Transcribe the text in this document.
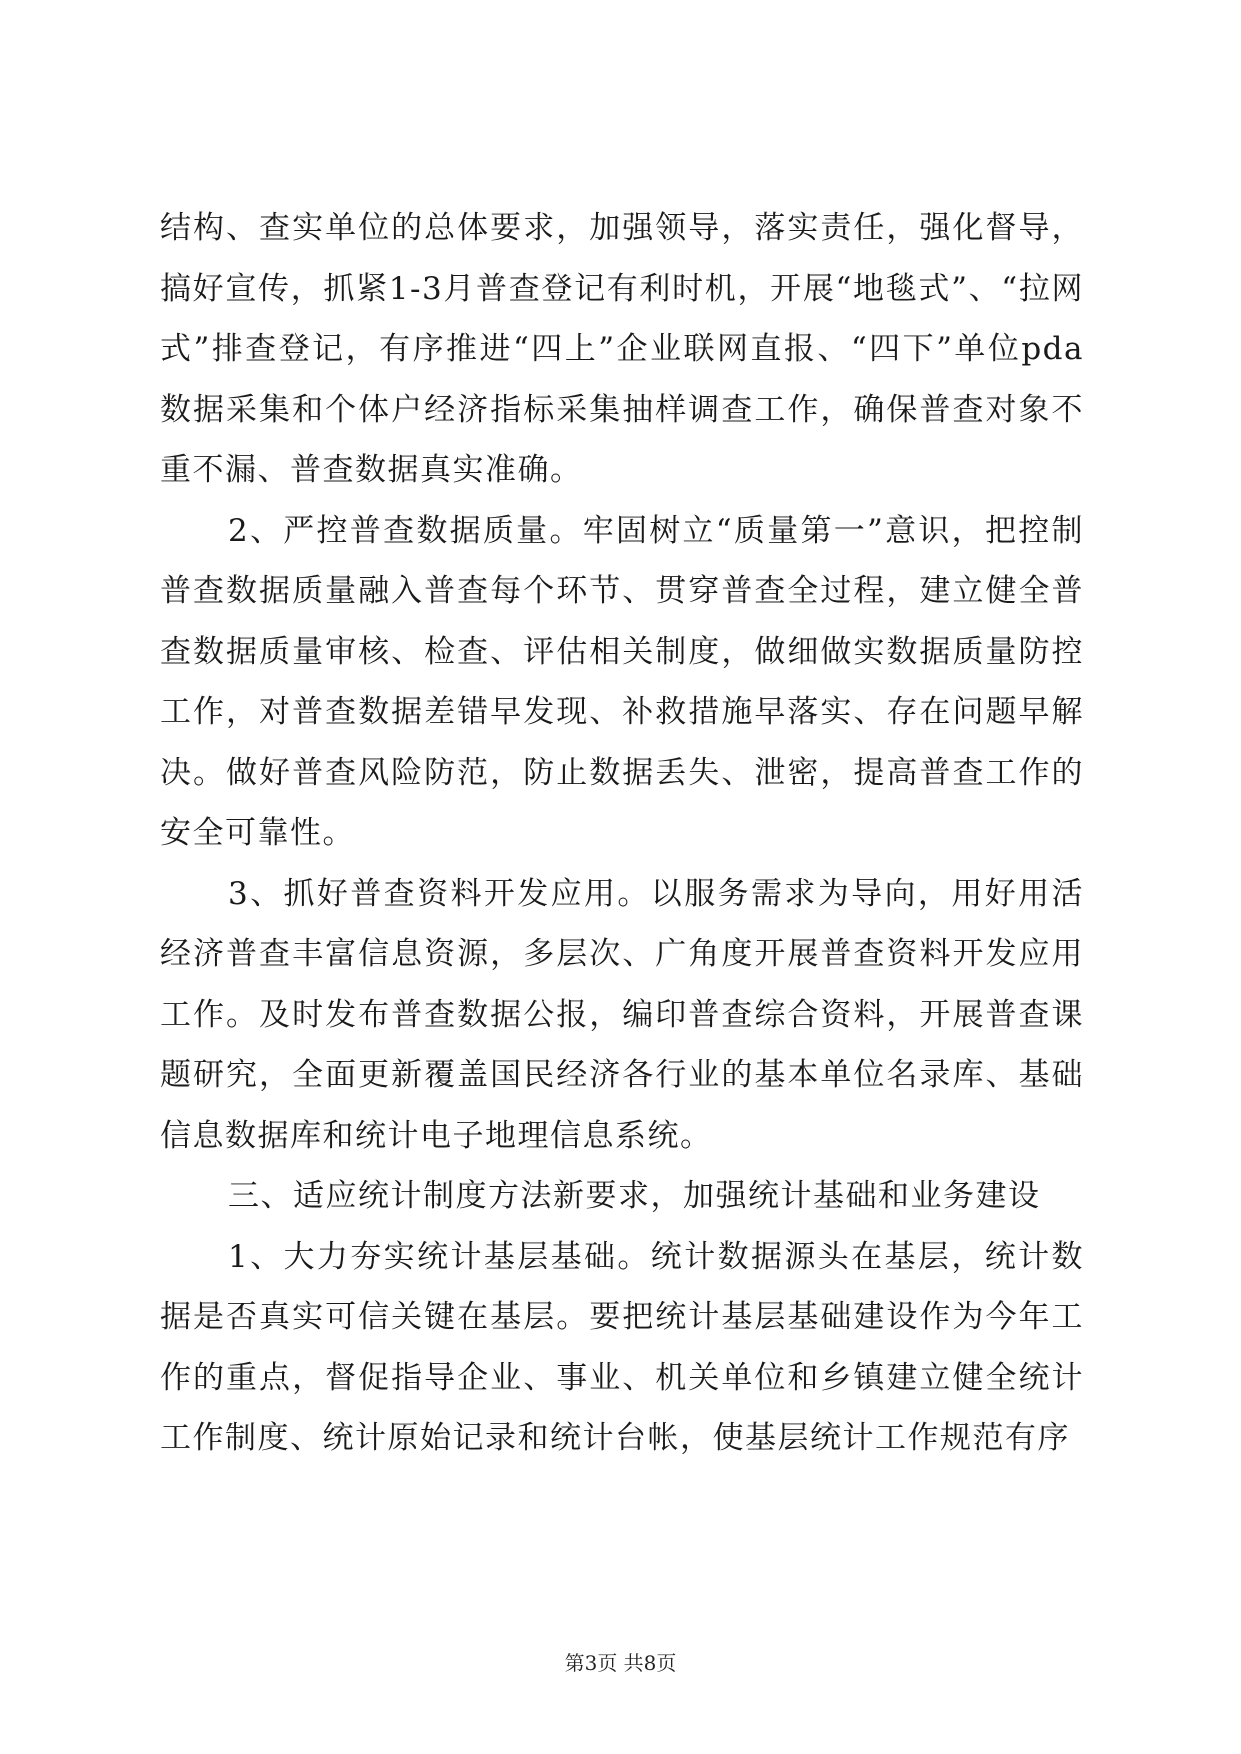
结构、查实单位的总体要求，加强领导，落实责任，强化督导，搞好宣传，抓紧1-3月普查登记有利时机，开展“地毯式”、“拉网式”排查登记，有序推进“四上”企业联网直报、“四下”单位pda数据采集和个体户经济指标采集抽样调查工作，确保普查对象不重不漏、普查数据真实准确。

2、严控普查数据质量。牢固树立“质量第一”意识，把控制普查数据质量融入普查每个环节、贯穿普查全过程，建立健全普查数据质量审核、检查、评估相关制度，做细做实数据质量防控工作，对普查数据差错早发现、补救措施早落实、存在问题早解决。做好普查风险防范，防止数据丢失、泄密，提高普查工作的安全可靠性。

3、抓好普查资料开发应用。以服务需求为导向，用好用活经济普查丰富信息资源，多层次、广角度开展普查资料开发应用工作。及时发布普查数据公报，编印普查综合资料，开展普查课题研究，全面更新覆盖国民经济各行业的基本单位名录库、基础信息数据库和统计电子地理信息系统。

三、适应统计制度方法新要求，加强统计基础和业务建设

1、大力夯实统计基层基础。统计数据源头在基层，统计数据是否真实可信关键在基层。要把统计基层基础建设作为今年工作的重点，督促指导企业、事业、机关单位和乡镇建立健全统计工作制度、统计原始记录和统计台帐，使基层统计工作规范有序

第3页 共8页
